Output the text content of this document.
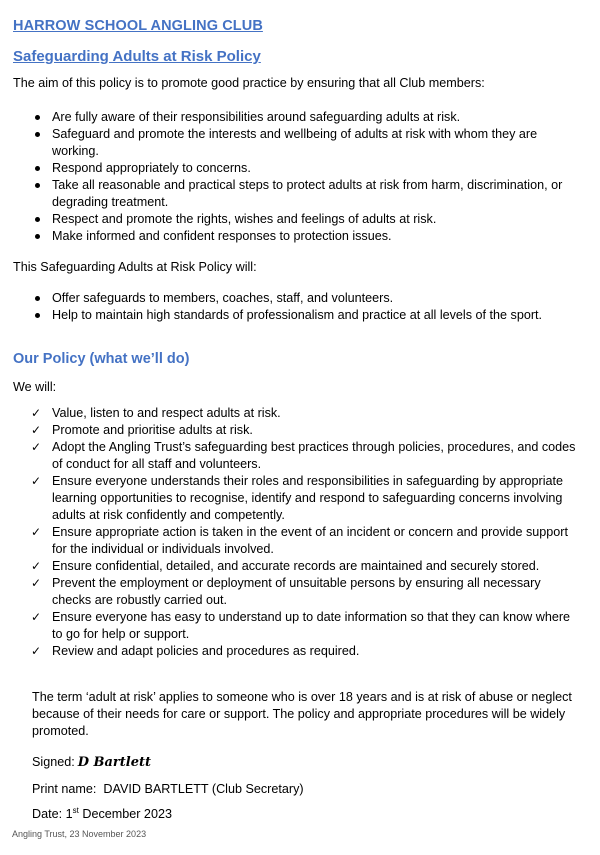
HARROW SCHOOL ANGLING CLUB
Safeguarding Adults at Risk Policy
The aim of this policy is to promote good practice by ensuring that all Club members:
Are fully aware of their responsibilities around safeguarding adults at risk.
Safeguard and promote the interests and wellbeing of adults at risk with whom they are working.
Respond appropriately to concerns.
Take all reasonable and practical steps to protect adults at risk from harm, discrimination, or degrading treatment.
Respect and promote the rights, wishes and feelings of adults at risk.
Make informed and confident responses to protection issues.
This Safeguarding Adults at Risk Policy will:
Offer safeguards to members, coaches, staff, and volunteers.
Help to maintain high standards of professionalism and practice at all levels of the sport.
Our Policy (what we’ll do)
We will:
✓ Value, listen to and respect adults at risk.
✓ Promote and prioritise adults at risk.
✓ Adopt the Angling Trust’s safeguarding best practices through policies, procedures, and codes of conduct for all staff and volunteers.
✓ Ensure everyone understands their roles and responsibilities in safeguarding by appropriate learning opportunities to recognise, identify and respond to safeguarding concerns involving adults at risk confidently and competently.
✓ Ensure appropriate action is taken in the event of an incident or concern and provide support for the individual or individuals involved.
✓ Ensure confidential, detailed, and accurate records are maintained and securely stored.
✓ Prevent the employment or deployment of unsuitable persons by ensuring all necessary checks are robustly carried out.
✓ Ensure everyone has easy to understand up to date information so that they can know where to go for help or support.
✓ Review and adapt policies and procedures as required.
The term ‘adult at risk’ applies to someone who is over 18 years and is at risk of abuse or neglect because of their needs for care or support. The policy and appropriate procedures will be widely promoted.
Signed: D Bartlett
Print name: DAVID BARTLETT (Club Secretary)
Date: 1st December 2023
Angling Trust, 23 November 2023
